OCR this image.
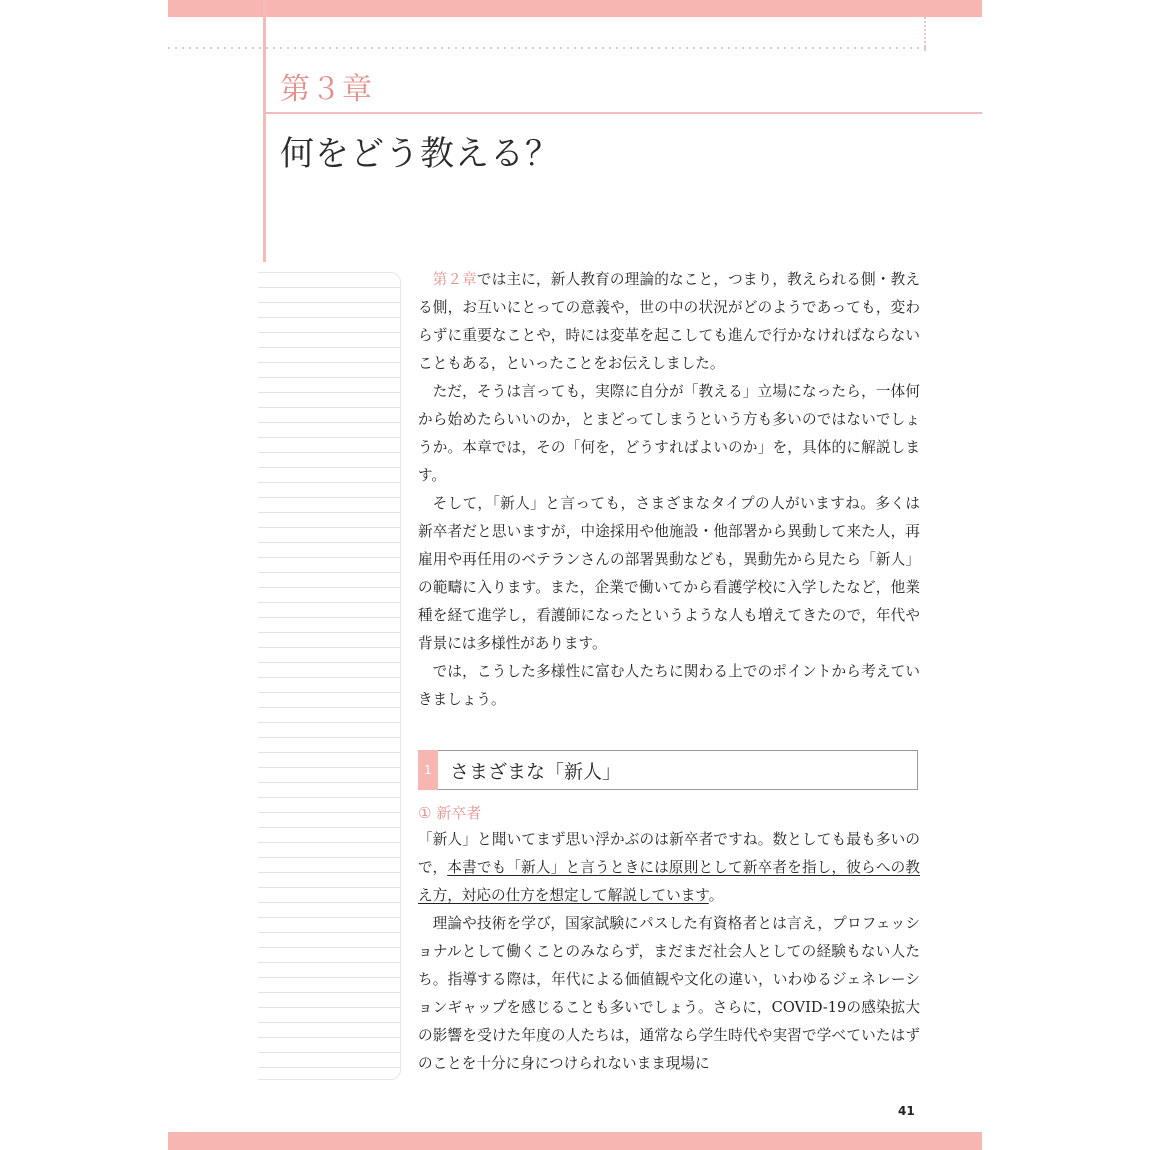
第３章
何をどう教える？

第２章では主に，新人教育の理論的なこと，つまり，教えられる側・教える側，お互いにとっての意義や，世の中の状況がどのようであっても，変わらずに重要なことや，時には変革を起こしても進んで行かなければならないこともある，といったことをお伝えしました。

ただ，そうは言っても，実際に自分が「教える」立場になったら，一体何から始めたらいいのか，とまどってしまうという方も多いのではないでしょうか。本章では，その「何を，どうすればよいのか」を，具体的に解説します。

そして，「新人」と言っても，さまざまなタイプの人がいますね。多くは新卒者だと思いますが，中途採用や他施設・他部署から異動して来た人，再雇用や再任用のベテランさんの部署異動なども，異動先から見たら「新人」の範疇に入ります。また，企業で働いてから看護学校に入学したなど，他業種を経て進学し，看護師になったというような人も増えてきたので，年代や背景には多様性があります。

では，こうした多様性に富む人たちに関わる上でのポイントから考えていきましょう。

1 さまざまな「新人」
① 新卒者

「新人」と聞いてまず思い浮かぶのは新卒者ですね。数としても最も多いので，本書でも「新人」と言うときには原則として新卒者を指し，彼らへの教え方，対応の仕方を想定して解説しています。

理論や技術を学び，国家試験にパスした有資格者とは言え，プロフェッショナルとして働くことのみならず，まだまだ社会人としての経験もない人たち。指導する際は，年代による価値観や文化の違い，いわゆるジェネレーションギャップを感じることも多いでしょう。さらに，COVID-19の感染拡大の影響を受けた年度の人たちは，通常なら学生時代や実習で学べていたはずのことを十分に身につけられないまま現場に

41
